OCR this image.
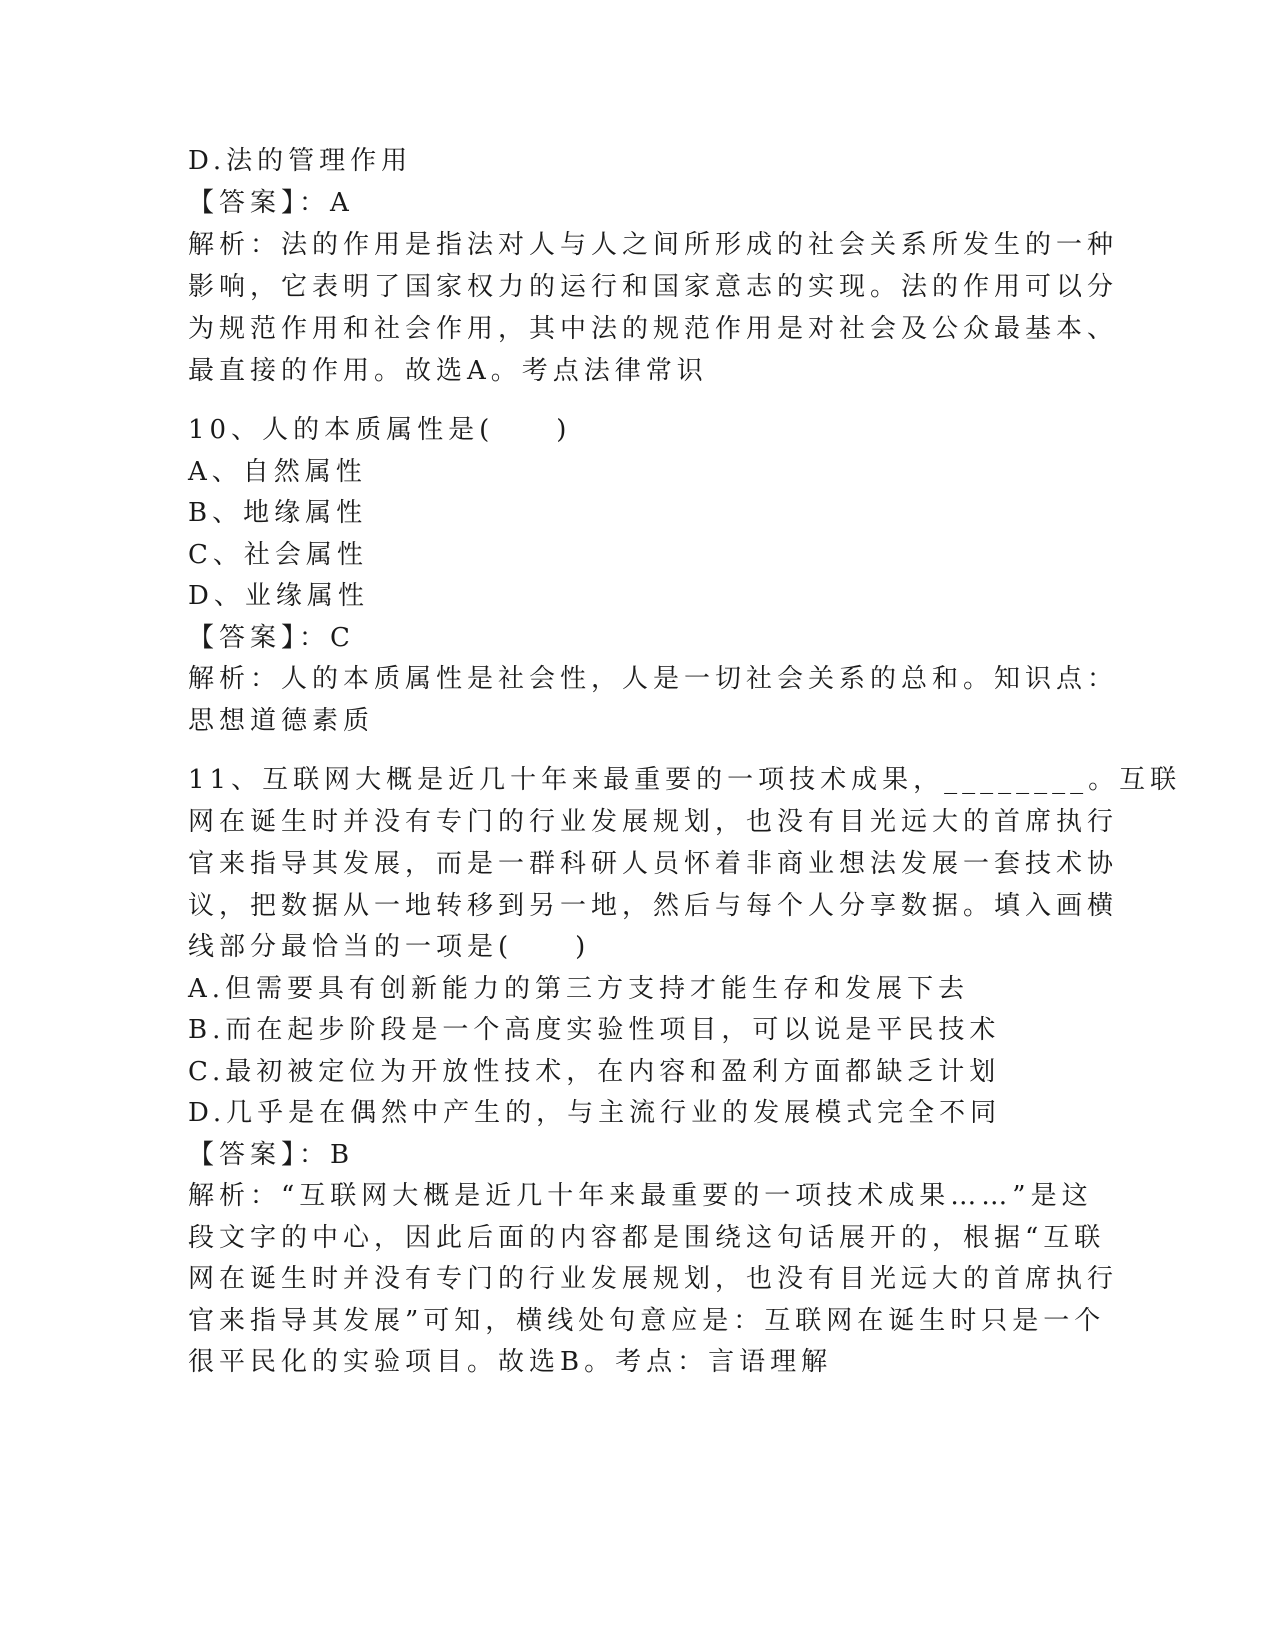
D.法的管理作用
【答案】：A
解析：法的作用是指法对人与人之间所形成的社会关系所发生的一种
影响，它表明了国家权力的运行和国家意志的实现。法的作用可以分
为规范作用和社会作用，其中法的规范作用是对社会及公众最基本、
最直接的作用。故选A。考点法律常识
10、人的本质属性是(　　)
A、自然属性
B、地缘属性
C、社会属性
D、业缘属性
【答案】：C
解析：人的本质属性是社会性，人是一切社会关系的总和。知识点：
思想道德素质
11、互联网大概是近几十年来最重要的一项技术成果，________。互联
网在诞生时并没有专门的行业发展规划，也没有目光远大的首席执行
官来指导其发展，而是一群科研人员怀着非商业想法发展一套技术协
议，把数据从一地转移到另一地，然后与每个人分享数据。填入画横
线部分最恰当的一项是(　　)
A.但需要具有创新能力的第三方支持才能生存和发展下去
B.而在起步阶段是一个高度实验性项目，可以说是平民技术
C.最初被定位为开放性技术，在内容和盈利方面都缺乏计划
D.几乎是在偶然中产生的，与主流行业的发展模式完全不同
【答案】：B
解析：“互联网大概是近几十年来最重要的一项技术成果……”是这
段文字的中心，因此后面的内容都是围绕这句话展开的，根据“互联
网在诞生时并没有专门的行业发展规划，也没有目光远大的首席执行
官来指导其发展”可知，横线处句意应是：互联网在诞生时只是一个
很平民化的实验项目。故选B。考点：言语理解
